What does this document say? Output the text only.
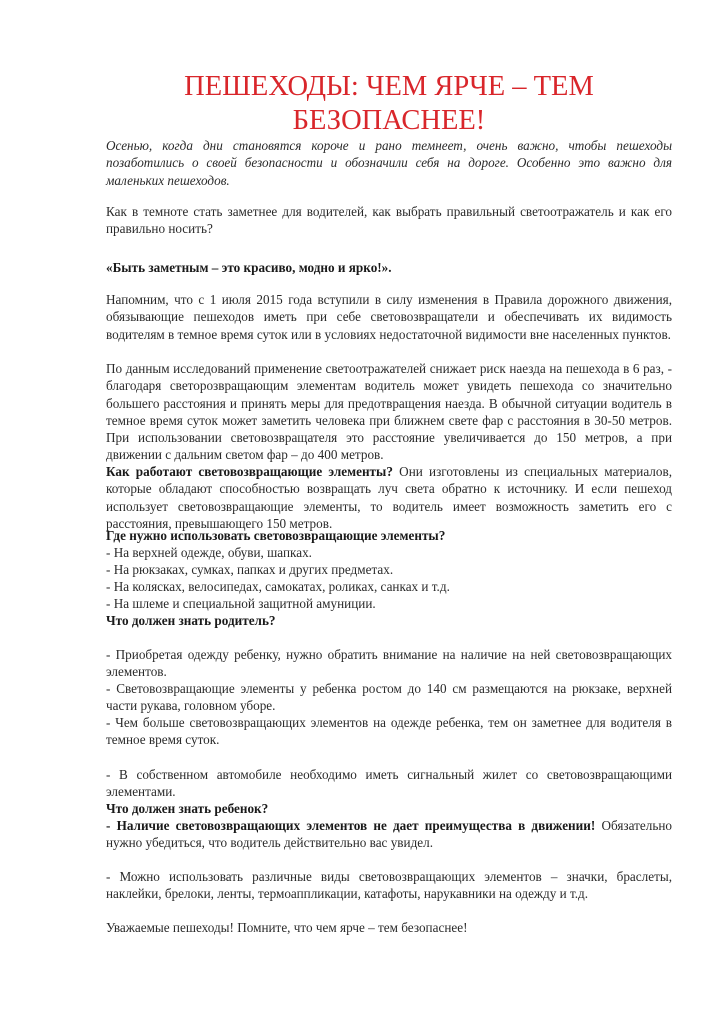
ПЕШЕХОДЫ: ЧЕМ ЯРЧЕ – ТЕМ
БЕЗОПАСНЕЕ!

Осенью, когда дни становятся короче и рано темнеет, очень важно, чтобы пешеходы позаботились о своей безопасности и обозначили себя на дороге. Особенно это важно для маленьких пешеходов.

Как в темноте стать заметнее для водителей, как выбрать правильный светоотражатель и как его правильно носить?

«Быть заметным – это красиво, модно и ярко!».

Напомним, что с 1 июля 2015 года вступили в силу изменения в Правила дорожного движения, обязывающие пешеходов иметь при себе световозвращатели и обеспечивать их видимость водителям в темное время суток или в условиях недостаточной видимости вне населенных пунктов.

По данным исследований применение светоотражателей снижает риск наезда на пешехода в 6 раз, - благодаря светорозвращающим элементам водитель может увидеть пешехода со значительно большего расстояния и принять меры для предотвращения наезда. В обычной ситуации водитель в темное время суток может заметить человека при ближнем свете фар с расстояния в 30-50 метров. При использовании световозвращателя это расстояние увеличивается до 150 метров, а при движении с дальним светом фар – до 400 метров.

Как работают световозвращающие элементы? Они изготовлены из специальных материалов, которые обладают способностью возвращать луч света обратно к источнику. И если пешеход использует световозвращающие элементы, то водитель имеет возможность заметить его с расстояния, превышающего 150 метров.

Где нужно использовать световозвращающие элементы?

- На верхней одежде, обуви, шапках.

- На рюкзаках, сумках, папках и других предметах.

- На колясках, велосипедах, самокатах, роликах, санках и т.д.

- На шлеме и специальной защитной амуниции.

Что должен знать родитель?

- Приобретая одежду ребенку, нужно обратить внимание на наличие на ней световозвращающих элементов.

- Световозвращающие элементы у ребенка ростом до 140 см размещаются на рюкзаке, верхней части рукава, головном уборе.

- Чем больше световозвращающих элементов на одежде ребенка, тем он заметнее для водителя в темное время суток.

- В собственном автомобиле необходимо иметь сигнальный жилет со световозвращающими элементами.

Что должен знать ребенок?

- Наличие световозвращающих элементов не дает преимущества в движении! Обязательно нужно убедиться, что водитель действительно вас увидел.

- Можно использовать различные виды световозвращающих элементов – значки, браслеты, наклейки, брелоки, ленты, термоаппликации, катафоты, нарукавники на одежду и т.д.

Уважаемые пешеходы! Помните, что чем ярче – тем безопаснее!
